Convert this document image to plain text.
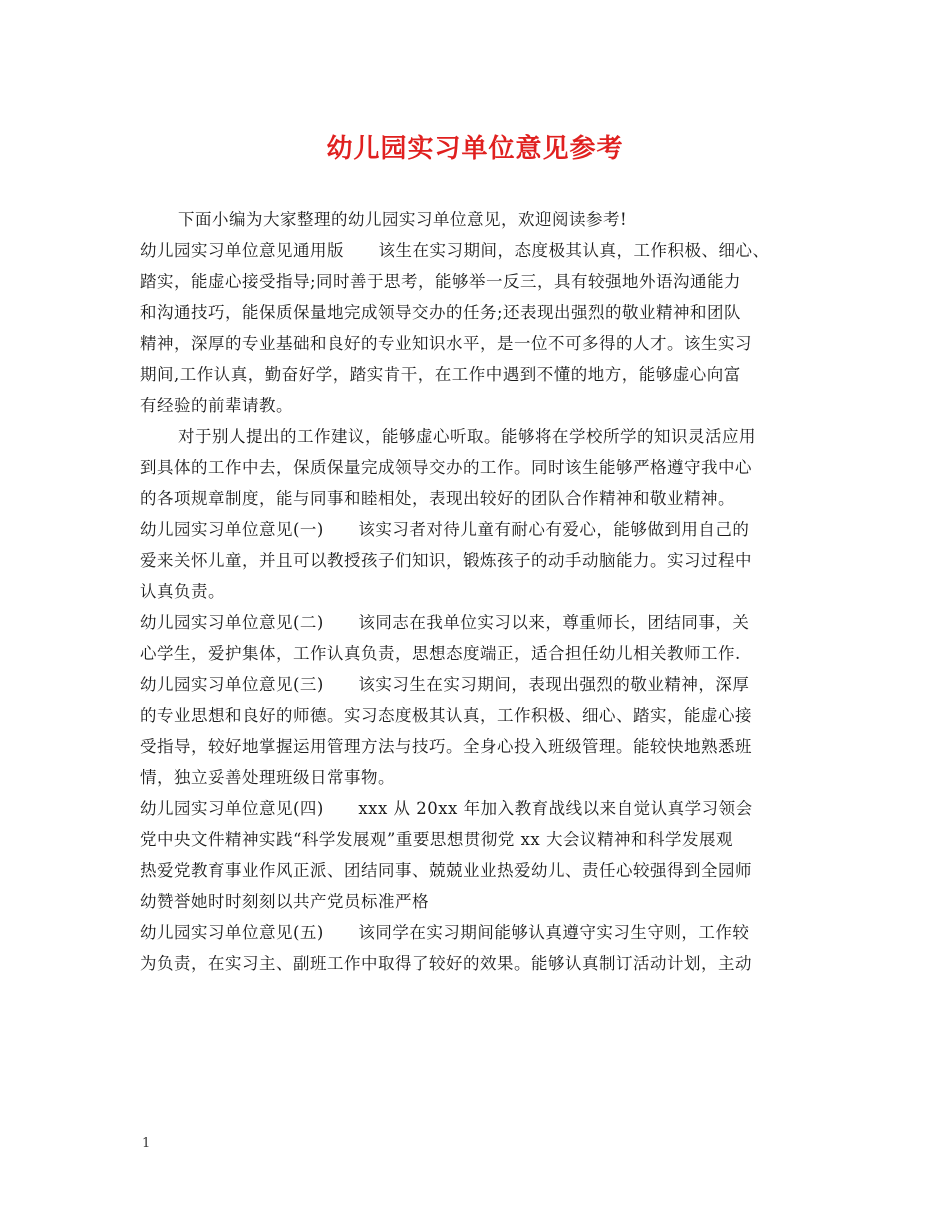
幼儿园实习单位意见参考
下面小编为大家整理的幼儿园实习单位意见，欢迎阅读参考!
幼儿园实习单位意见通用版      该生在实习期间，态度极其认真，工作积极、细心、
踏实，能虚心接受指导;同时善于思考，能够举一反三，具有较强地外语沟通能力
和沟通技巧，能保质保量地完成领导交办的任务;还表现出强烈的敬业精神和团队
精神，深厚的专业基础和良好的专业知识水平，是一位不可多得的人才。该生实习
期间,工作认真，勤奋好学，踏实肯干，在工作中遇到不懂的地方，能够虚心向富
有经验的前辈请教。
对于别人提出的工作建议，能够虚心听取。能够将在学校所学的知识灵活应用
到具体的工作中去，保质保量完成领导交办的工作。同时该生能够严格遵守我中心
的各项规章制度，能与同事和睦相处，表现出较好的团队合作精神和敬业精神。
幼儿园实习单位意见(一)      该实习者对待儿童有耐心有爱心，能够做到用自己的
爱来关怀儿童，并且可以教授孩子们知识，锻炼孩子的动手动脑能力。实习过程中
认真负责。
幼儿园实习单位意见(二)      该同志在我单位实习以来，尊重师长，团结同事，关
心学生，爱护集体，工作认真负责，思想态度端正，适合担任幼儿相关教师工作.
幼儿园实习单位意见(三)      该实习生在实习期间，表现出强烈的敬业精神，深厚
的专业思想和良好的师德。实习态度极其认真，工作积极、细心、踏实，能虚心接
受指导，较好地掌握运用管理方法与技巧。全身心投入班级管理。能较快地熟悉班
情，独立妥善处理班级日常事物。
幼儿园实习单位意见(四)      xxx 从 20xx 年加入教育战线以来自觉认真学习领会
党中央文件精神实践“科学发展观”重要思想贯彻党 xx 大会议精神和科学发展观
热爱党教育事业作风正派、团结同事、兢兢业业热爱幼儿、责任心较强得到全园师
幼赞誉她时时刻刻以共产党员标准严格
幼儿园实习单位意见(五)      该同学在实习期间能够认真遵守实习生守则，工作较
为负责，在实习主、副班工作中取得了较好的效果。能够认真制订活动计划，主动
1
